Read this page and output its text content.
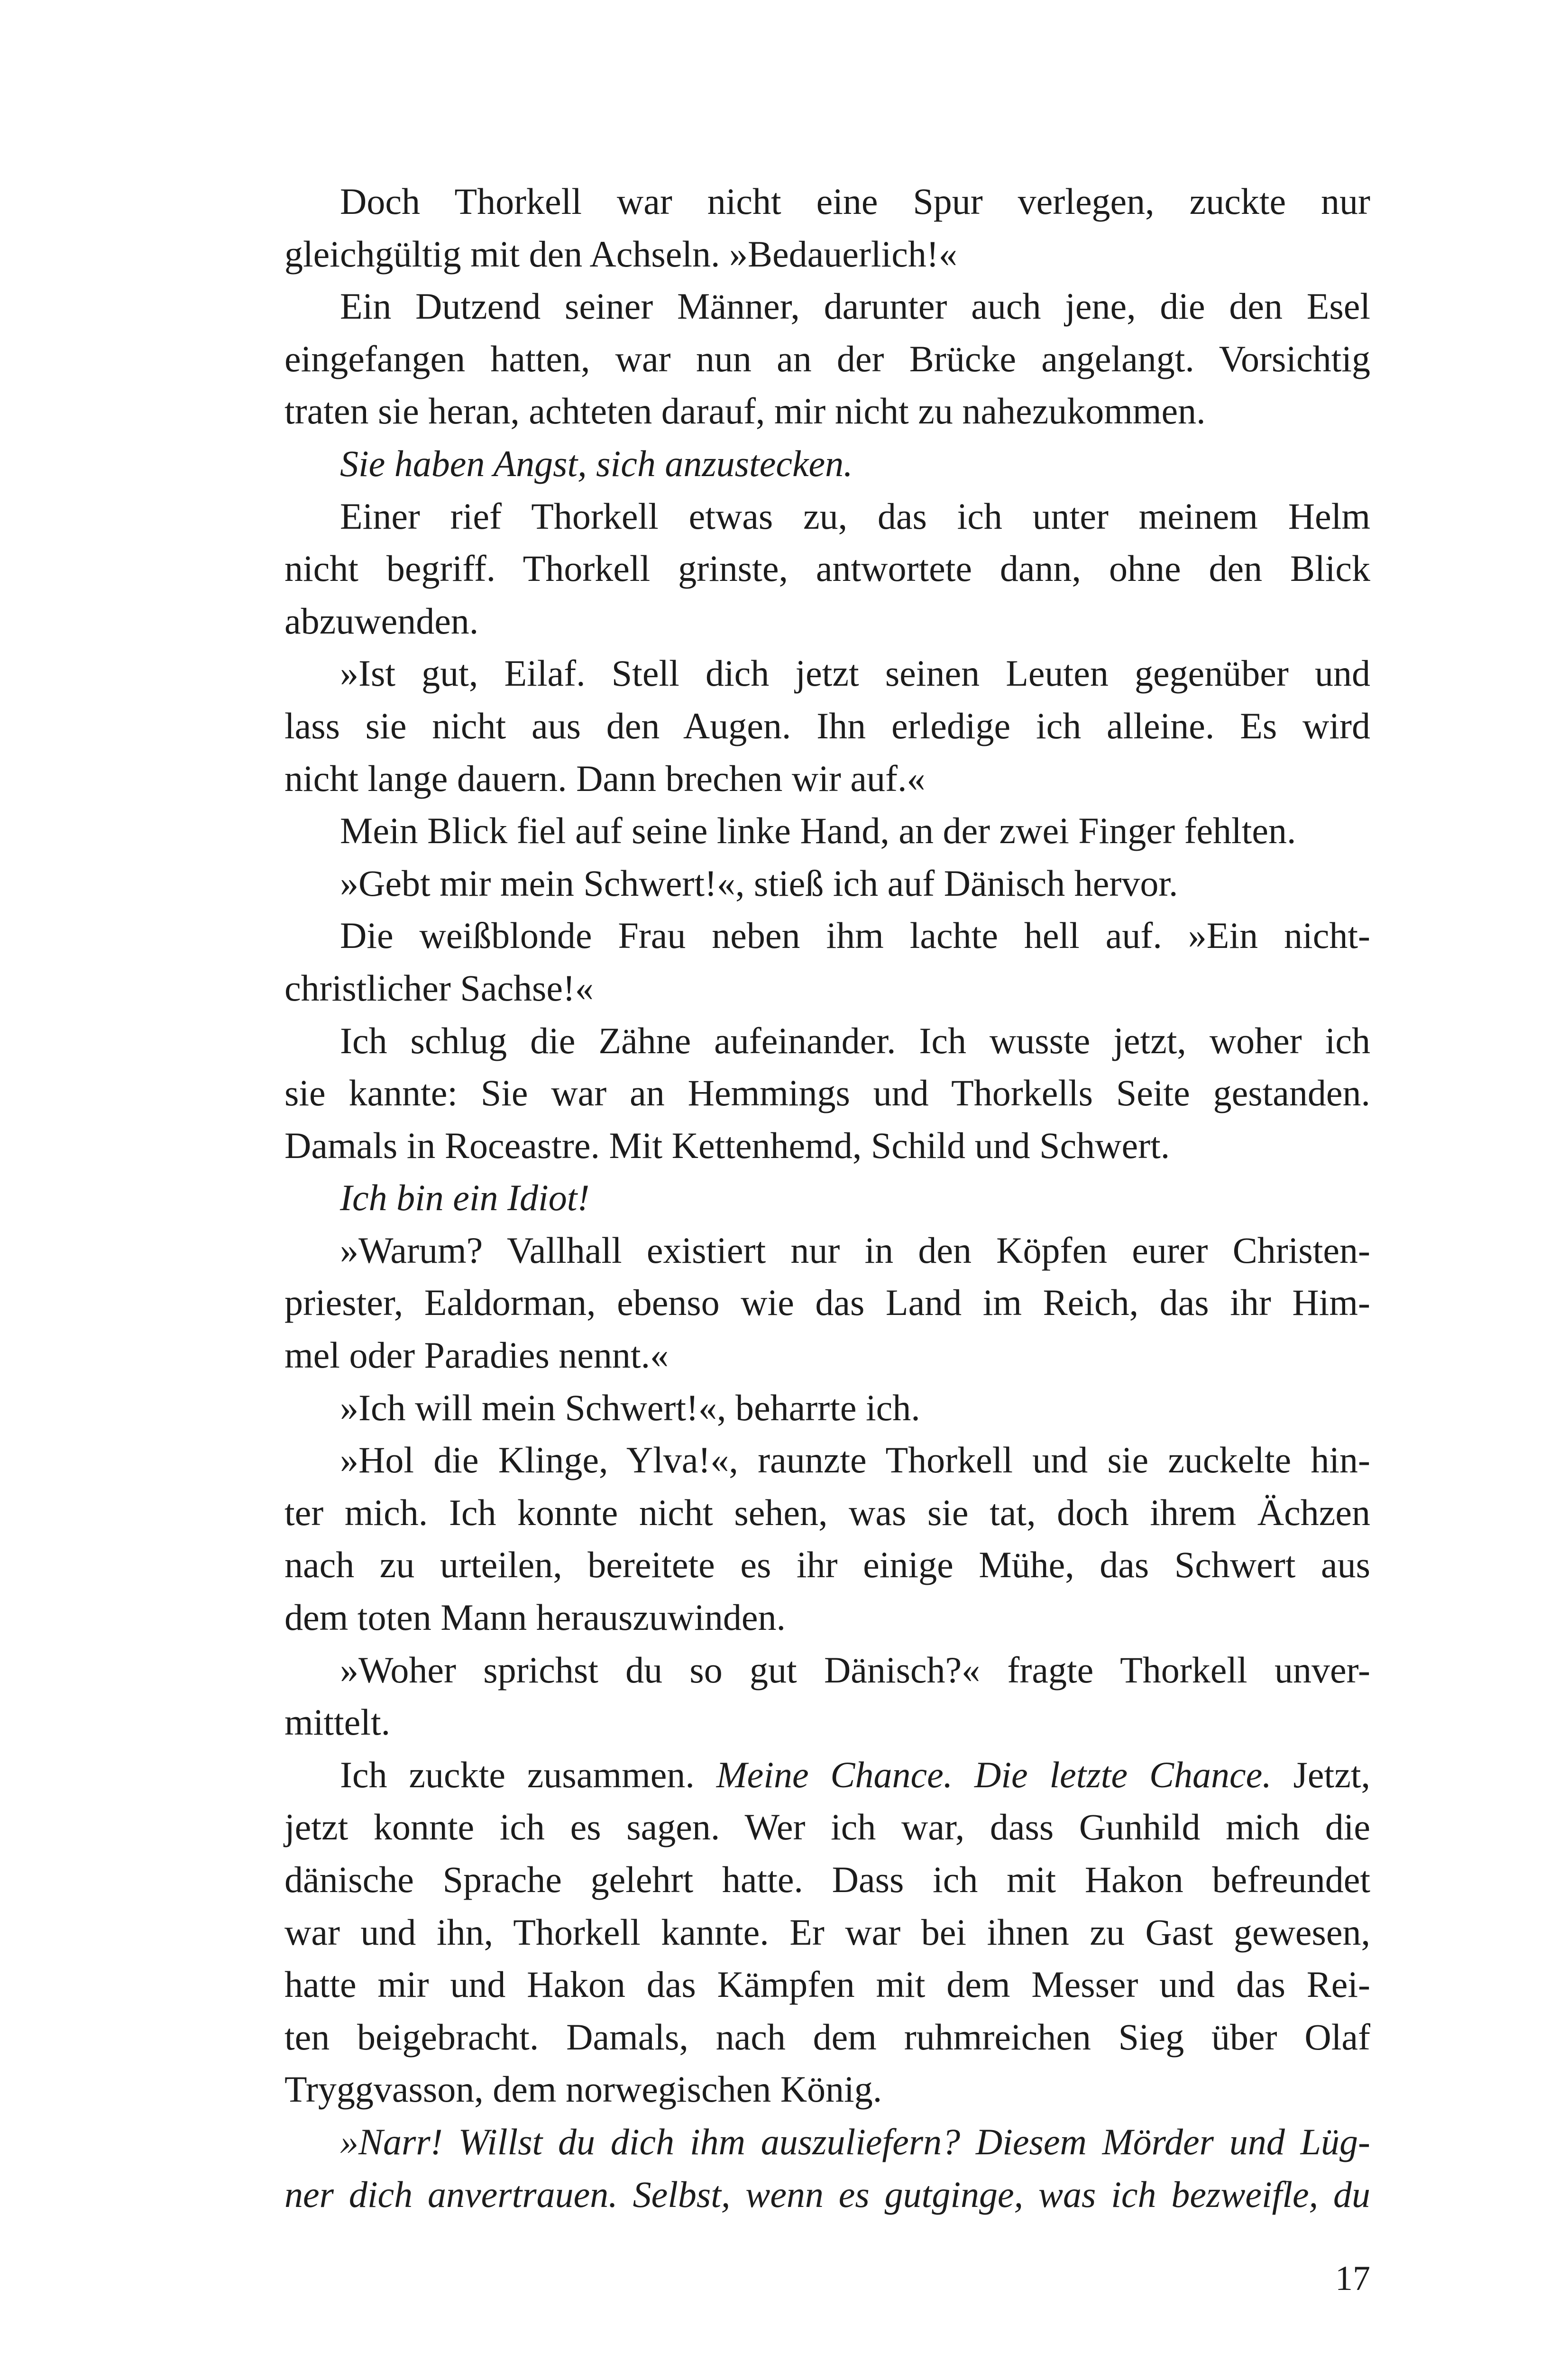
Doch Thorkell war nicht eine Spur verlegen, zuckte nur
gleichgültig mit den Achseln. »Bedauerlich!«
Ein Dutzend seiner Männer, darunter auch jene, die den Esel
eingefangen hatten, war nun an der Brücke angelangt. Vorsichtig
traten sie heran, achteten darauf, mir nicht zu nahezukommen.
Sie haben Angst, sich anzustecken.
Einer rief Thorkell etwas zu, das ich unter meinem Helm
nicht begriff. Thorkell grinste, antwortete dann, ohne den Blick
abzuwenden.
»Ist gut, Eilaf. Stell dich jetzt seinen Leuten gegenüber und
lass sie nicht aus den Augen. Ihn erledige ich alleine. Es wird
nicht lange dauern. Dann brechen wir auf.«
Mein Blick fiel auf seine linke Hand, an der zwei Finger fehlten.
»Gebt mir mein Schwert!«, stieß ich auf Dänisch hervor.
Die weißblonde Frau neben ihm lachte hell auf. »Ein nicht-
christlicher Sachse!«
Ich schlug die Zähne aufeinander. Ich wusste jetzt, woher ich
sie kannte: Sie war an Hemmings und Thorkells Seite gestanden.
Damals in Roceastre. Mit Kettenhemd, Schild und Schwert.
Ich bin ein Idiot!
»Warum? Vallhall existiert nur in den Köpfen eurer Christen-
priester, Ealdorman, ebenso wie das Land im Reich, das ihr Him-
mel oder Paradies nennt.«
»Ich will mein Schwert!«, beharrte ich.
»Hol die Klinge, Ylva!«, raunzte Thorkell und sie zuckelte hin-
ter mich. Ich konnte nicht sehen, was sie tat, doch ihrem Ächzen
nach zu urteilen, bereitete es ihr einige Mühe, das Schwert aus
dem toten Mann herauszuwinden.
»Woher sprichst du so gut Dänisch?« fragte Thorkell unver-
mittelt.
Ich zuckte zusammen. Meine Chance. Die letzte Chance. Jetzt,
jetzt konnte ich es sagen. Wer ich war, dass Gunhild mich die
dänische Sprache gelehrt hatte. Dass ich mit Hakon befreundet
war und ihn, Thorkell kannte. Er war bei ihnen zu Gast gewesen,
hatte mir und Hakon das Kämpfen mit dem Messer und das Rei-
ten beigebracht. Damals, nach dem ruhmreichen Sieg über Olaf
Tryggvasson, dem norwegischen König.
»Narr! Willst du dich ihm auszuliefern? Diesem Mörder und Lüg-
ner dich anvertrauen. Selbst, wenn es gutginge, was ich bezweifle, du
17
